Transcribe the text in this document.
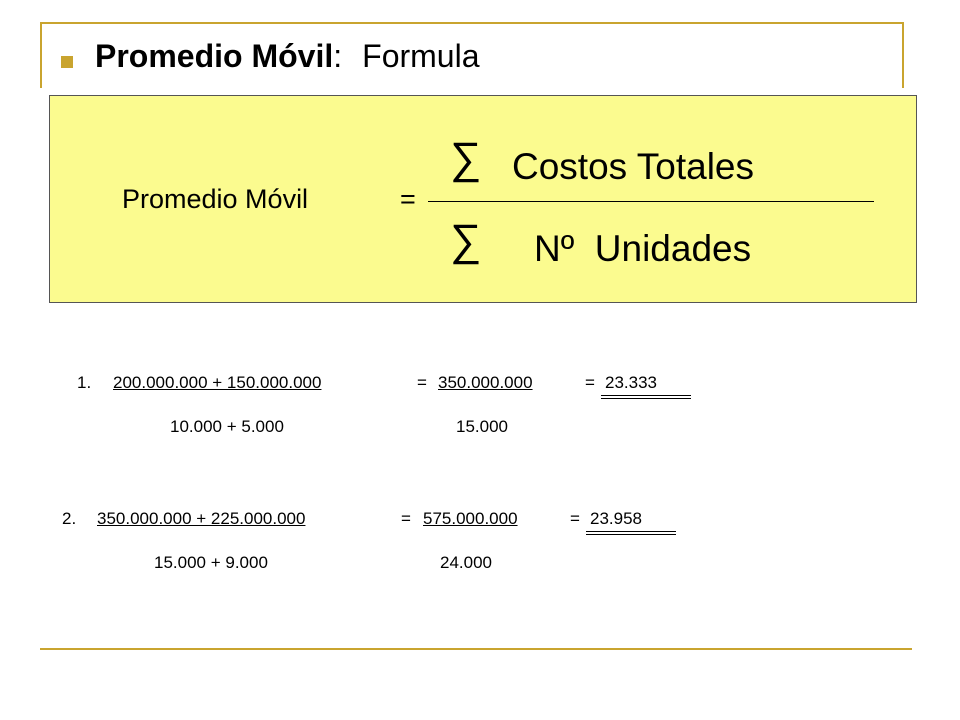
Promedio Móvil: Formula
Promedio Móvil	=
∑ Costos Totales
∑ Nº  Unidades
1. 200.000.000 + 150.000.000	= 350.000.000	= 23.333
10.000 + 5.000	15.000
2. 350.000.000 + 225.000.000	= 575.000.000	= 23.958
15.000 + 9.000	24.000
